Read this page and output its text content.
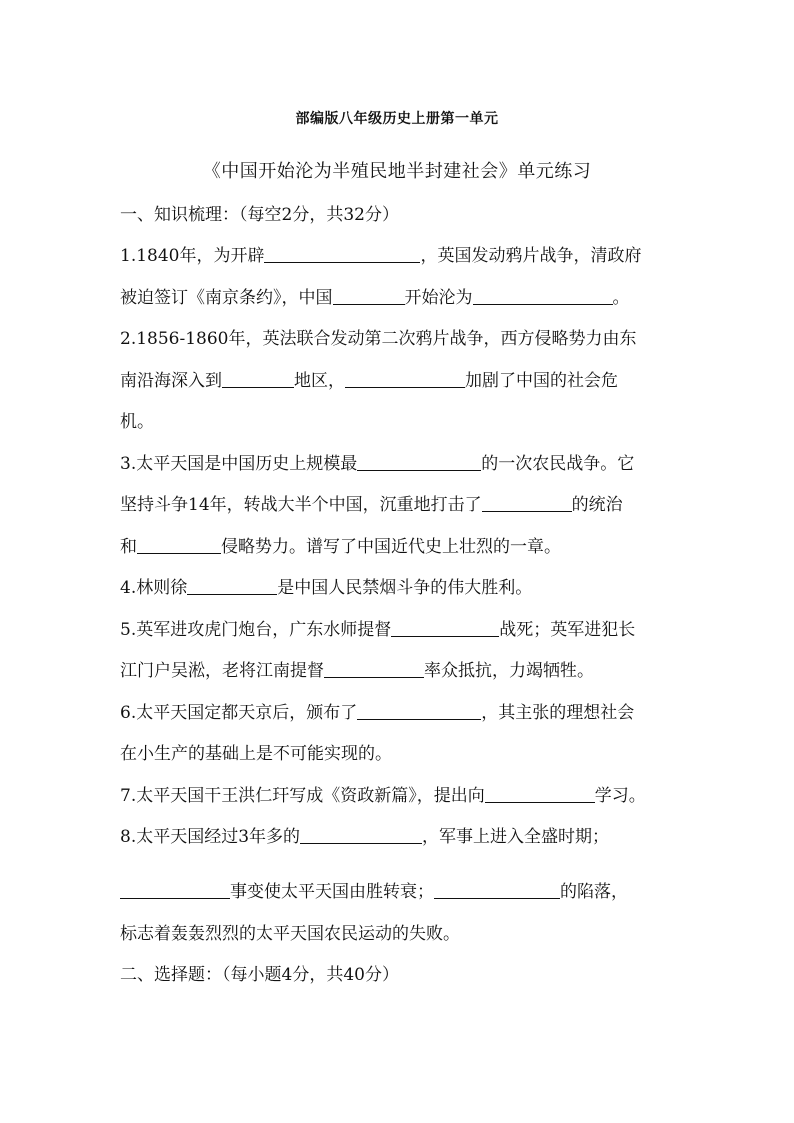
部编版八年级历史上册第一单元
《中国开始沦为半殖民地半封建社会》单元练习
一、知识梳理：（每空2分，共32分）
1.1840年，为开辟	，英国发动鸦片战争，清政府
被迫签订《南京条约》，中国	开始沦为	。
2.1856-1860年，英法联合发动第二次鸦片战争，西方侵略势力由东
南沿海深入到	地区，	加剧了中国的社会危
机。
3.太平天国是中国历史上规模最	的一次农民战争。它
坚持斗争14年，转战大半个中国，沉重地打击了	的统治
和	侵略势力。谱写了中国近代史上壮烈的一章。
4.林则徐	是中国人民禁烟斗争的伟大胜利。
5.英军进攻虎门炮台，广东水师提督	战死；英军进犯长
江门户吴淞，老将江南提督	率众抵抗，力竭牺牲。
6.太平天国定都天京后，颁布了	，其主张的理想社会
在小生产的基础上是不可能实现的。
7.太平天国干王洪仁玕写成《资政新篇》，提出向	学习。
8.太平天国经过3年多的	，军事上进入全盛时期；
事变使太平天国由胜转衰；	的陷落，
标志着轰轰烈烈的太平天国农民运动的失败。
二、选择题：（每小题4分，共40分）
